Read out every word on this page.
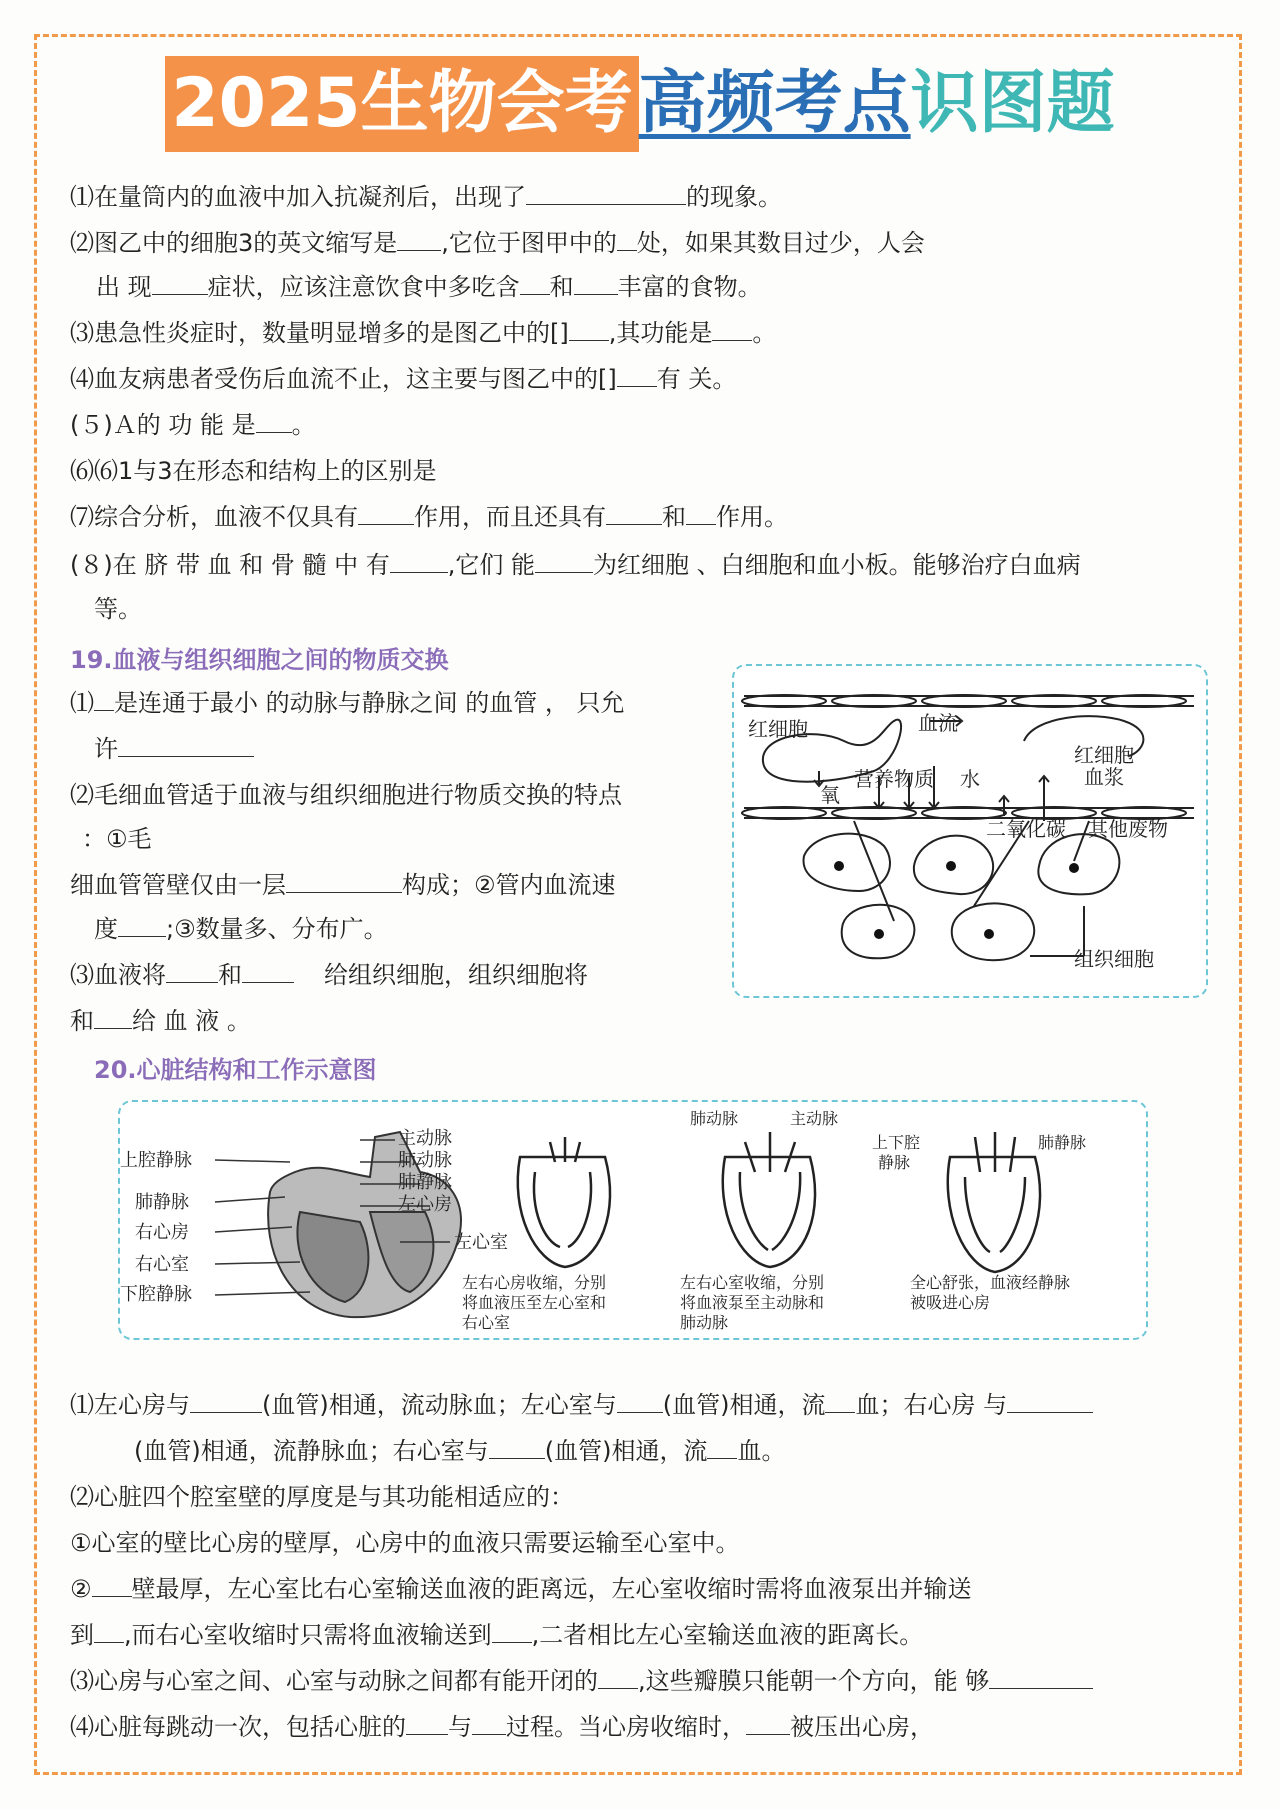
2025生物会考高频考点识图题
⑴在量筒内的血液中加入抗凝剂后，出现了	的现象。
⑵图乙中的细胞3的英文缩写是 ,它位于图甲中的 处，如果其数目过少，人会
出 现 症状，应该注意饮食中多吃含 和 丰富的食物。
⑶患急性炎症时，数量明显增多的是图乙中的[] ,其功能是 。
⑷血友病患者受伤后血流不止，这主要与图乙中的[] 有 关。
(５)Ａ的 功 能 是 。
⑹⑹1与3在形态和结构上的区别是
⑺综合分析，血液不仅具有 作用，而且还具有 和 作用。
(８)在 脐 带 血 和 骨 髓 中 有 ,它们 能 为红细胞 、白细胞和血小板。能够治疗白血病
等。
19.血液与组织细胞之间的物质交换
⑴ 是连通于最小 的动脉与静脉之间 的血管 ， 只允
许
⑵毛细血管适于血液与组织细胞进行物质交换的特点
：①毛
细血管管壁仅由一层	构成；②管内血流速
度 ;③数量多、分布广。
⑶血液将 和	给组织细胞，组织细胞将
和 给 血 液 。
红细胞	血流
红细胞
血浆
营养物质 水
氧
二氧化碳 其他废物
组织细胞
20.心脏结构和工作示意图
上腔静脉
肺静脉
右心房
右心室
下腔静脉
主动脉
肺动脉
肺静脉
左心房
左心室
肺动脉	主动脉
上下腔
静脉
肺静脉
左右心房收缩，分别
将血液压至左心室和
右心室
左右心室收缩，分别
将血液泵至主动脉和
肺动脉
全心舒张，血液经静脉
被吸进心房
⑴左心房与	(血管)相通，流动脉血；左心室与 (血管)相通，流 血；右心房 与
(血管)相通，流静脉血；右心室与 (血管)相通，流 血。
⑵心脏四个腔室壁的厚度是与其功能相适应的：
①心室的壁比心房的壁厚，心房中的血液只需要运输至心室中。
② 壁最厚，左心室比右心室输送血液的距离远，左心室收缩时需将血液泵出并输送
到 ,而右心室收缩时只需将血液输送到 ,二者相比左心室输送血液的距离长。
⑶心房与心室之间、心室与动脉之间都有能开闭的 ,这些瓣膜只能朝一个方向，能 够
⑷心脏每跳动一次，包括心脏的 与 过程。当心房收缩时， 被压出心房，
